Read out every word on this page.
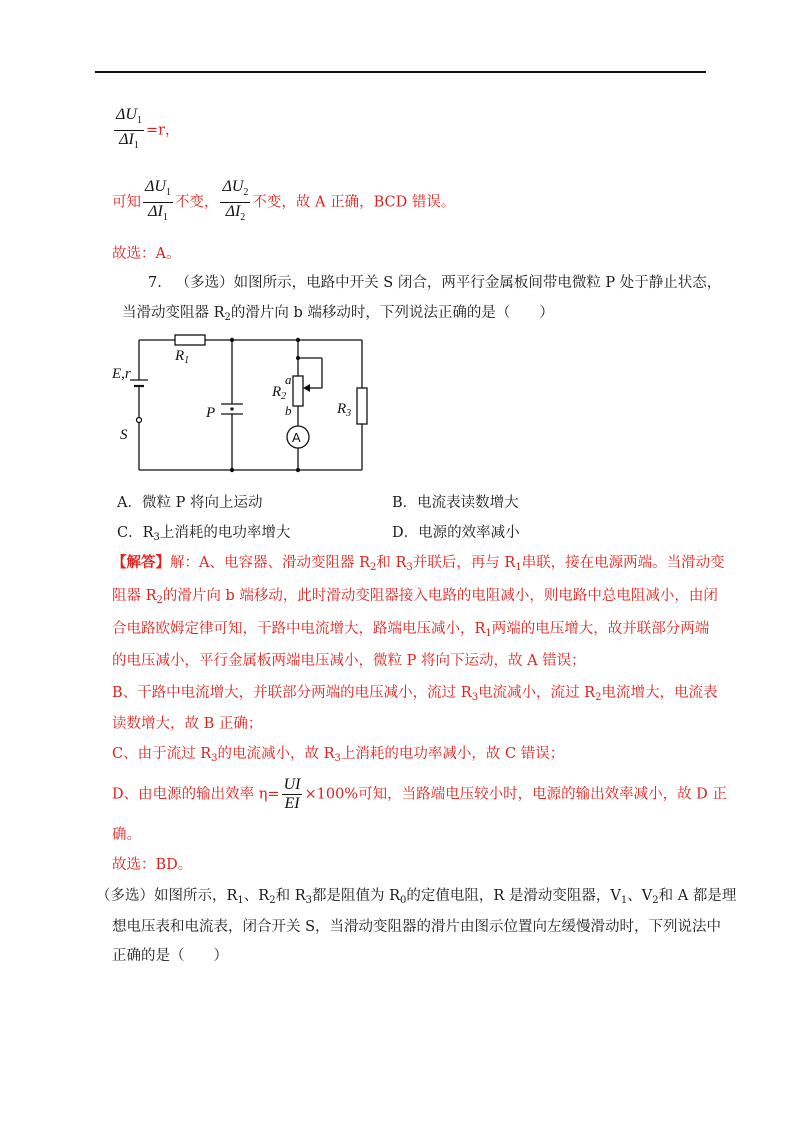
$\frac{\Delta U_1}{\Delta I_1} =r$，
可知 $\frac{\Delta U_1}{\Delta I_1}$ 不变， $\frac{\Delta U_2}{\Delta I_2}$ 不变，故 A 正确，BCD 错误。
故选：A。
7. （多选）如图所示，电路中开关 S 闭合，两平行金属板间带电微粒 P 处于静止状态，
当滑动变阻器 $R_2$的滑片向 b 端移动时，下列说法正确的是（　　）
E,r
S
$R_1$
P
$R_2$
a
b	$R_3$
A
A．微粒 P 将向上运动	B．电流表读数增大
C．$R_3$上消耗的电功率增大	D．电源的效率减小
【解答】解：A、电容器、滑动变阻器 $R_2$和 $R_3$并联后，再与 $R_1$串联，接在电源两端。当滑动变
阻器 $R_2$的滑片向 b 端移动，此时滑动变阻器接入电路的电阻减小，则电路中总电阻减小，由闭
合电路欧姆定律可知，干路中电流增大，路端电压减小，$R_1$两端的电压增大，故并联部分两端
的电压减小，平行金属板两端电压减小，微粒 P 将向下运动，故 A 错误；
B、干路中电流增大，并联部分两端的电压减小，流过 $R_3$电流减小，流过 $R_2$电流增大，电流表
读数增大，故 B 正确；
C、由于流过 $R_3$的电流减小，故 $R_3$上消耗的电功率减小，故 C 错误；
D、由电源的输出效率 $\eta= \frac{UI}{EI} \times 100\%$可知，当路端电压较小时，电源的输出效率减小，故 D 正
确。
故选：BD。
（多选）如图所示，$R_1$、$R_2$和 $R_3$都是阻值为 $R_0$的定值电阻，R 是滑动变阻器，$V_1$、$V_2$和 A 都是理
想电压表和电流表，闭合开关 S，当滑动变阻器的滑片由图示位置向左缓慢滑动时，下列说法中
正确的是（　　）
